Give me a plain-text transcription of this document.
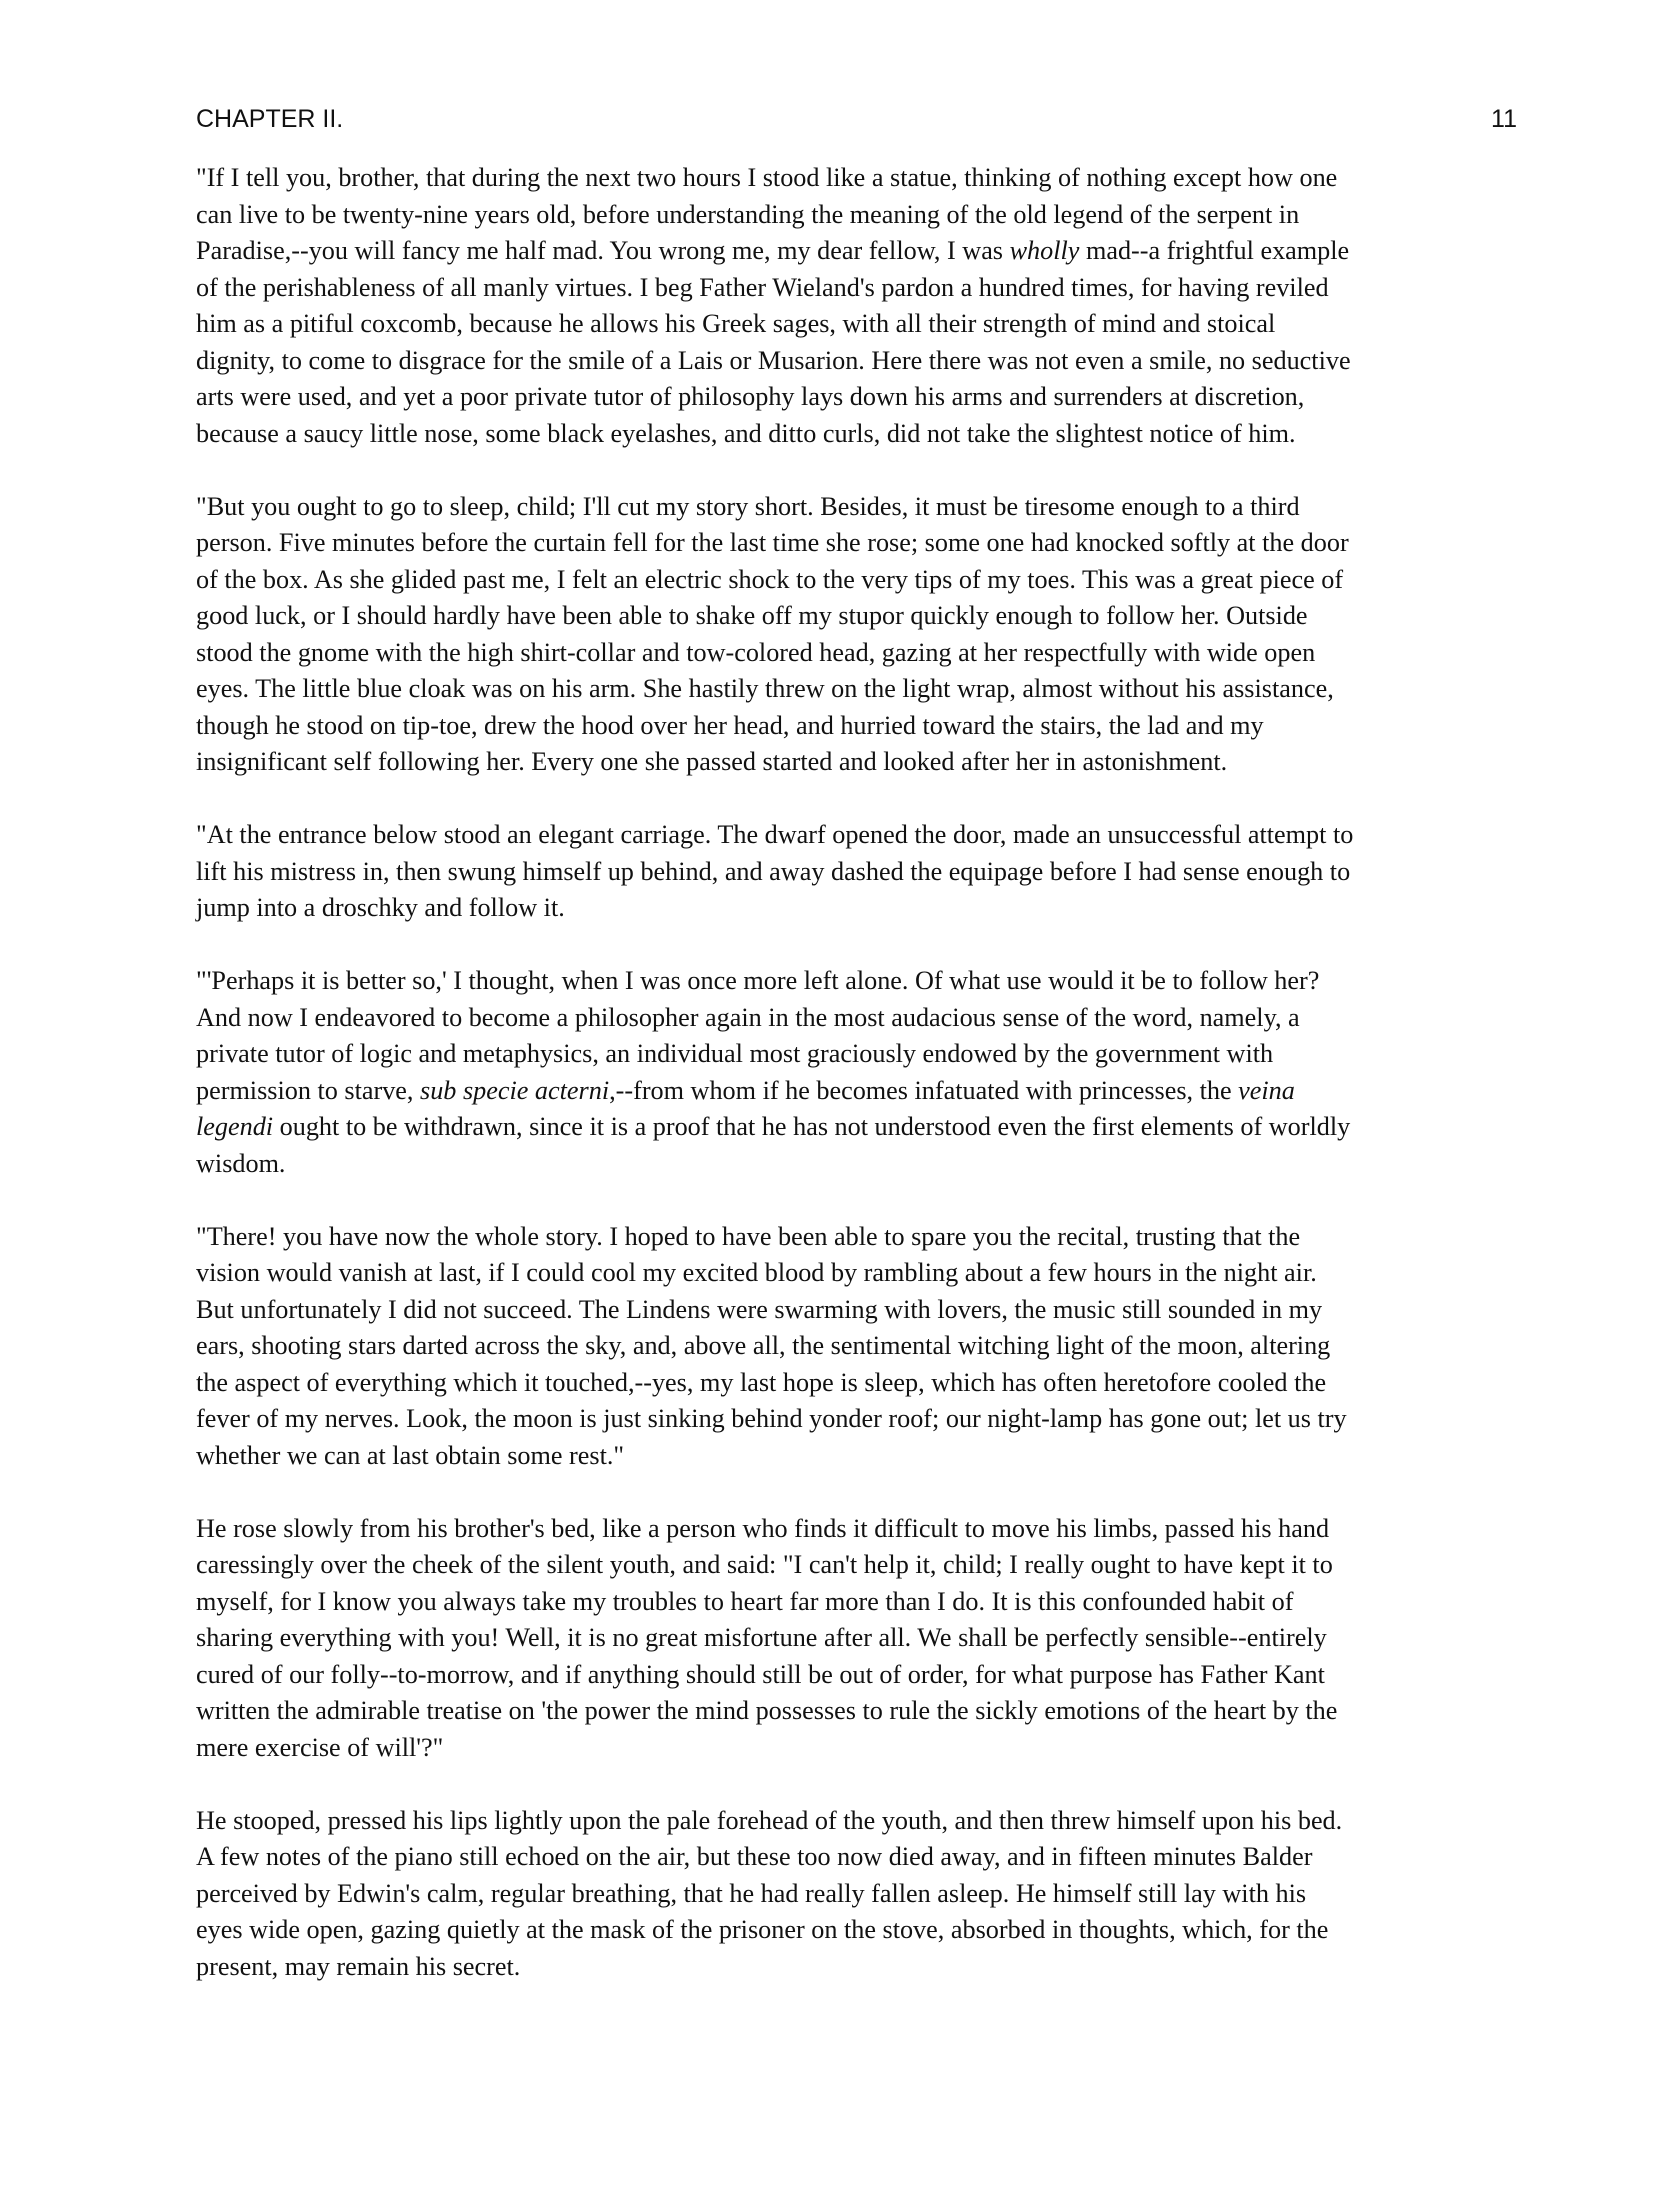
CHAPTER II.	11

"If I tell you, brother, that during the next two hours I stood like a statue, thinking of nothing except how one
can live to be twenty-nine years old, before understanding the meaning of the old legend of the serpent in
Paradise,--you will fancy me half mad. You wrong me, my dear fellow, I was wholly mad--a frightful example
of the perishableness of all manly virtues. I beg Father Wieland's pardon a hundred times, for having reviled
him as a pitiful coxcomb, because he allows his Greek sages, with all their strength of mind and stoical
dignity, to come to disgrace for the smile of a Lais or Musarion. Here there was not even a smile, no seductive
arts were used, and yet a poor private tutor of philosophy lays down his arms and surrenders at discretion,
because a saucy little nose, some black eyelashes, and ditto curls, did not take the slightest notice of him.

"But you ought to go to sleep, child; I'll cut my story short. Besides, it must be tiresome enough to a third
person. Five minutes before the curtain fell for the last time she rose; some one had knocked softly at the door
of the box. As she glided past me, I felt an electric shock to the very tips of my toes. This was a great piece of
good luck, or I should hardly have been able to shake off my stupor quickly enough to follow her. Outside
stood the gnome with the high shirt-collar and tow-colored head, gazing at her respectfully with wide open
eyes. The little blue cloak was on his arm. She hastily threw on the light wrap, almost without his assistance,
though he stood on tip-toe, drew the hood over her head, and hurried toward the stairs, the lad and my
insignificant self following her. Every one she passed started and looked after her in astonishment.

"At the entrance below stood an elegant carriage. The dwarf opened the door, made an unsuccessful attempt to
lift his mistress in, then swung himself up behind, and away dashed the equipage before I had sense enough to
jump into a droschky and follow it.

"'Perhaps it is better so,' I thought, when I was once more left alone. Of what use would it be to follow her?
And now I endeavored to become a philosopher again in the most audacious sense of the word, namely, a
private tutor of logic and metaphysics, an individual most graciously endowed by the government with
permission to starve, sub specie acterni,--from whom if he becomes infatuated with princesses, the veina
legendi ought to be withdrawn, since it is a proof that he has not understood even the first elements of worldly
wisdom.

"There! you have now the whole story. I hoped to have been able to spare you the recital, trusting that the
vision would vanish at last, if I could cool my excited blood by rambling about a few hours in the night air.
But unfortunately I did not succeed. The Lindens were swarming with lovers, the music still sounded in my
ears, shooting stars darted across the sky, and, above all, the sentimental witching light of the moon, altering
the aspect of everything which it touched,--yes, my last hope is sleep, which has often heretofore cooled the
fever of my nerves. Look, the moon is just sinking behind yonder roof; our night-lamp has gone out; let us try
whether we can at last obtain some rest."

He rose slowly from his brother's bed, like a person who finds it difficult to move his limbs, passed his hand
caressingly over the cheek of the silent youth, and said: "I can't help it, child; I really ought to have kept it to
myself, for I know you always take my troubles to heart far more than I do. It is this confounded habit of
sharing everything with you! Well, it is no great misfortune after all. We shall be perfectly sensible--entirely
cured of our folly--to-morrow, and if anything should still be out of order, for what purpose has Father Kant
written the admirable treatise on 'the power the mind possesses to rule the sickly emotions of the heart by the
mere exercise of will'?"

He stooped, pressed his lips lightly upon the pale forehead of the youth, and then threw himself upon his bed.
A few notes of the piano still echoed on the air, but these too now died away, and in fifteen minutes Balder
perceived by Edwin's calm, regular breathing, that he had really fallen asleep. He himself still lay with his
eyes wide open, gazing quietly at the mask of the prisoner on the stove, absorbed in thoughts, which, for the
present, may remain his secret.
